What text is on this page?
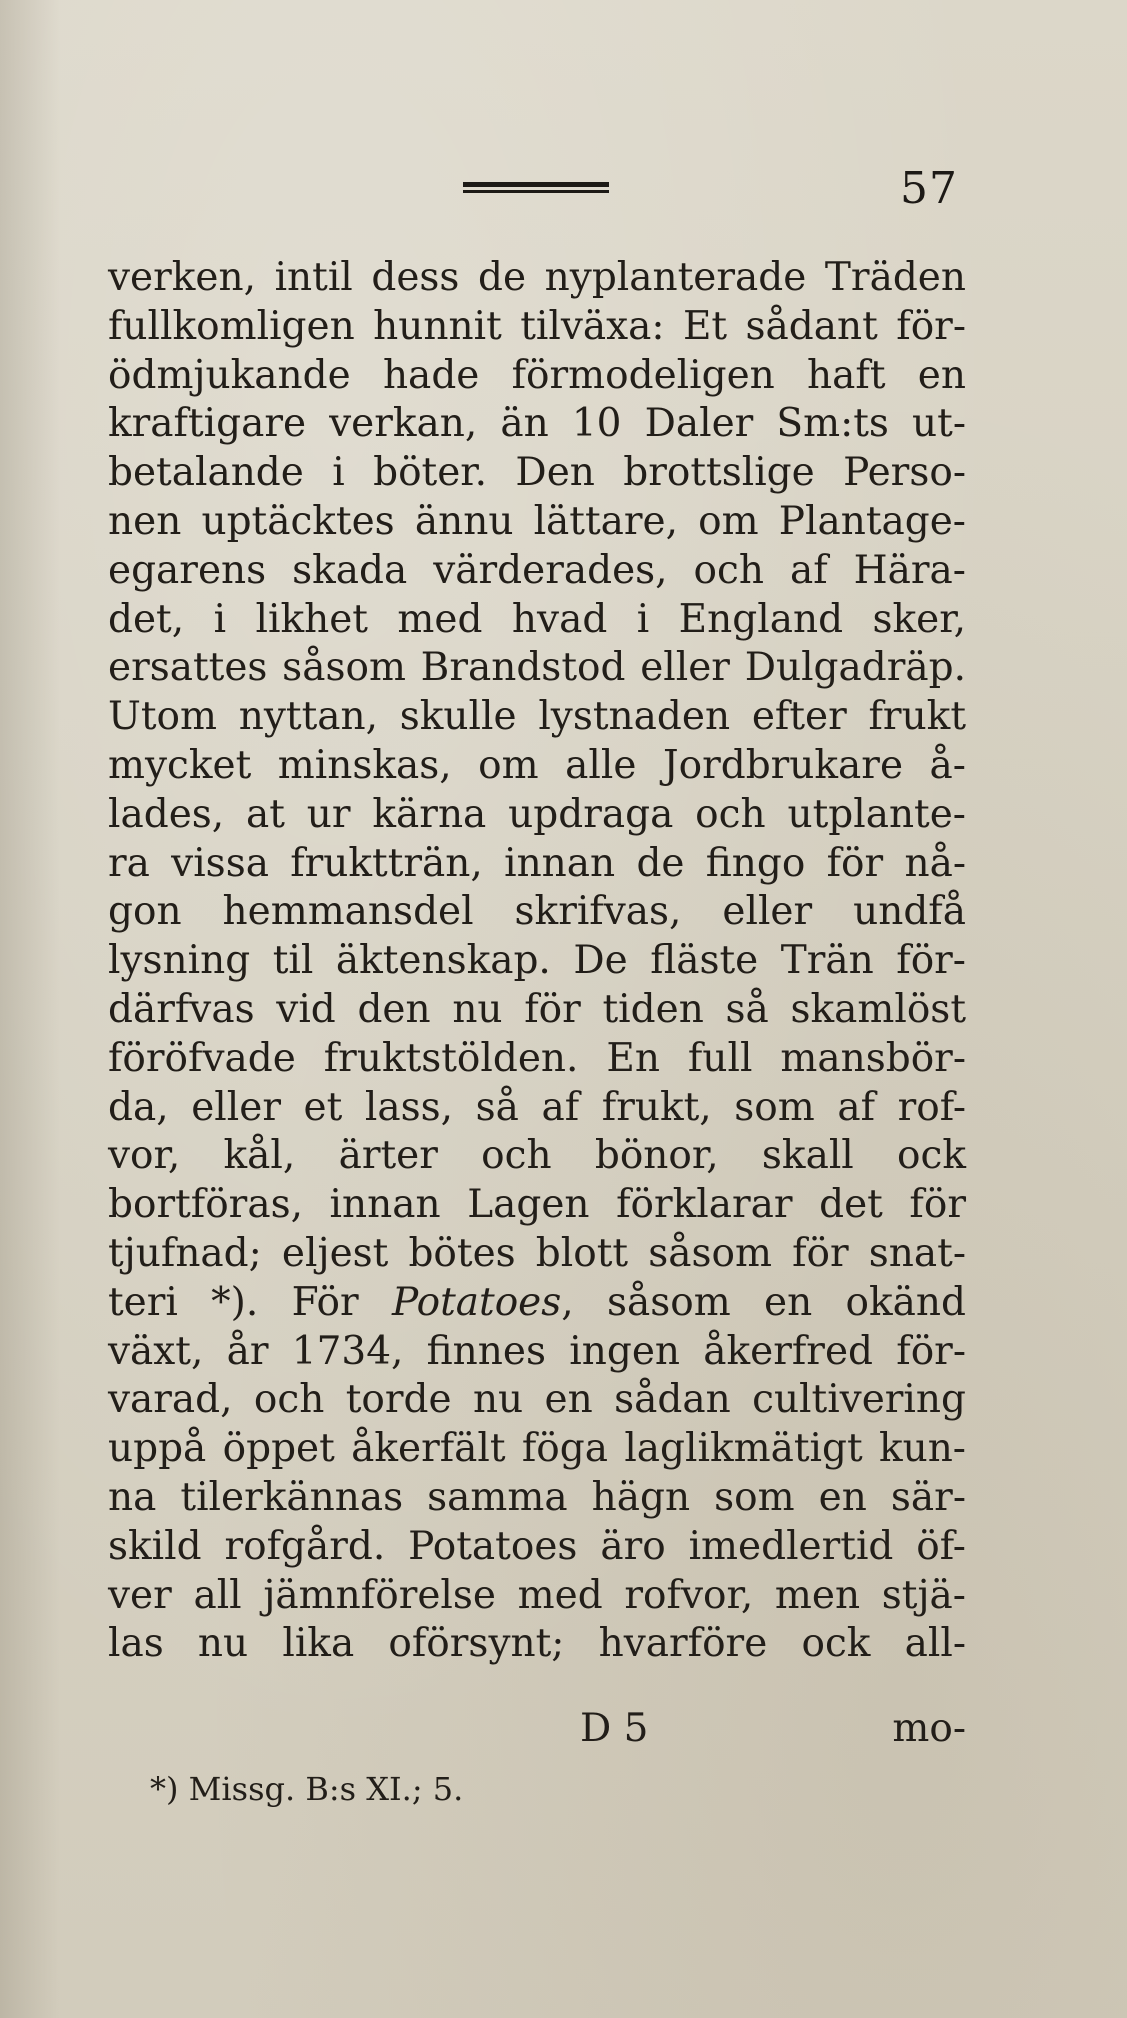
57
verken, intil dess de nyplanterade Träden
fullkomligen hunnit tilväxa: Et sådant för-
ödmjukande hade förmodeligen haft en
kraftigare verkan, än 10 Daler Sm:ts ut-
betalande i böter. Den brottslige Perso-
nen uptäcktes ännu lättare, om Plantage-
egarens skada värderades, och af Härа-
det, i likhet med hvad i England sker,
ersattes såsom Brandstod eller Dulgadräp.
Utom nyttan, skulle lystnaden efter frukt
mycket minskas, om alle Jordbrukare å-
lades, at ur kärna updraga och utplante-
ra vissa fruktträn, innan de fingo för nå-
gon hemmansdel skrifvas, eller undfå
lysning til äktenskap. De fläste Trän för-
därfvas vid den nu för tiden så skamlöst
föröfvade fruktstölden. En full mansbör-
da, eller et lass, så af frukt, som af rof-
vor, kål, ärter och bönor, skall ock
bortföras, innan Lagen förklarar det för
tjufnad; eljest bötes blott såsom för snat-
teri *). För Potatoes, såsom en okänd
växt, år 1734, finnes ingen åkerfred för-
varad, och torde nu en sådan cultivering
uppå öppet åkerfält föga laglikmätigt kun-
na tilerkännas samma hägn som en sär-
skild rofgård. Potatoes äro imedlertid öf-
ver all jämnförelse med rofvor, men stjä-
las nu lika oförsynt; hvarföre ock all-
D 5	mo-
*) Missg. B:s XI.; 5.
